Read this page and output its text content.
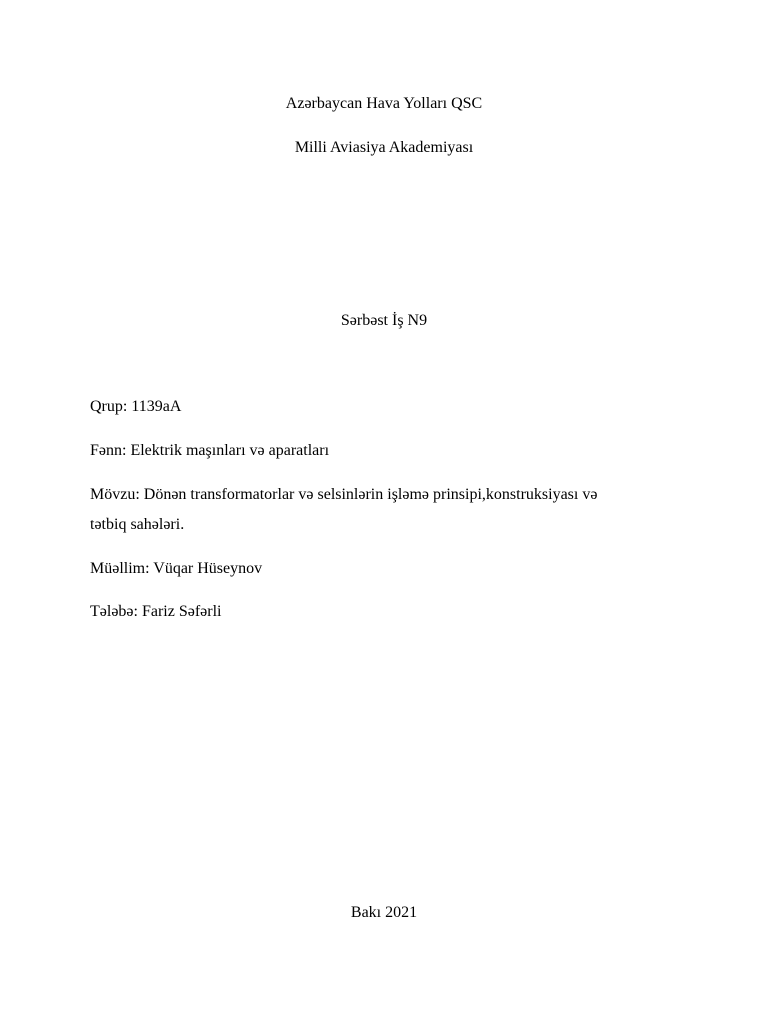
Azərbaycan Hava Yolları QSC
Milli Aviasiya Akademiyası
Sərbəst İş N9
Qrup: 1139aA
Fənn: Elektrik maşınları və aparatları
Mövzu: Dönən transformatorlar və selsinlərin işləmə prinsipi,konstruksiyası və
tətbiq sahələri.
Müəllim: Vüqar Hüseynov
Tələbə: Fariz Səfərli
Bakı 2021
